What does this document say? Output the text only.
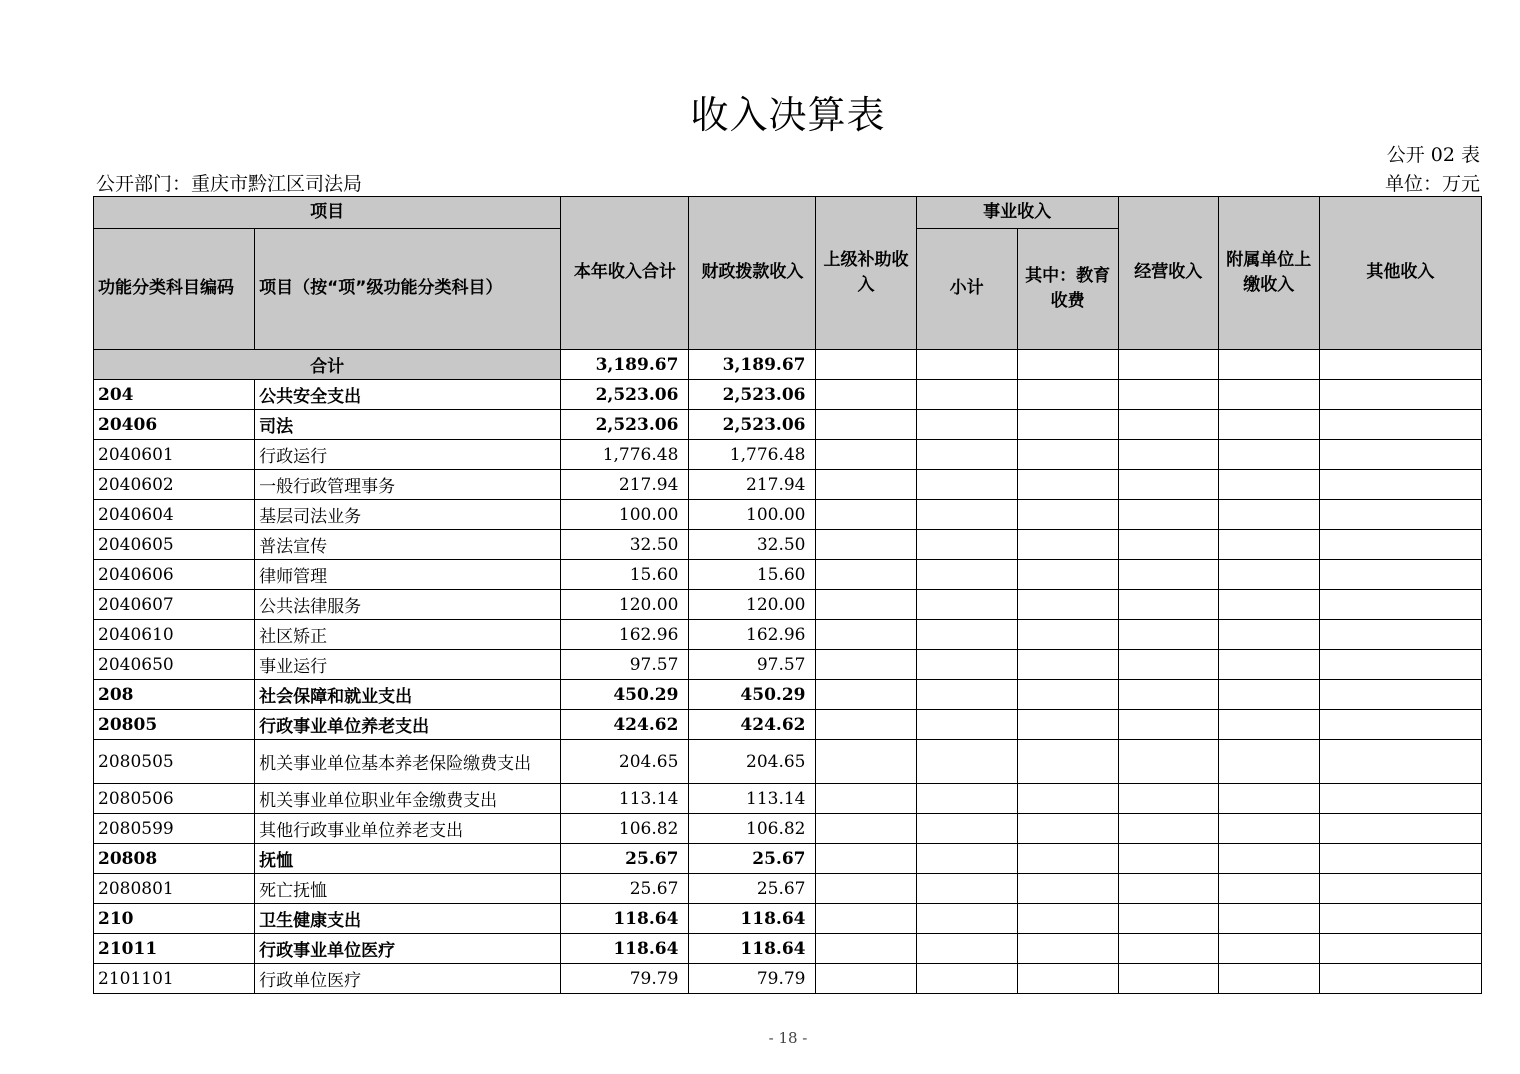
收入决算表
公开 02 表
公开部门：重庆市黔江区司法局	单位：万元
项目		本年收入合计	财政拨款收入	上级补助收入	事业收入		经营收入	附属单位上缴收入	其他收入
功能分类科目编码	项目（按“项”级功能分类科目）				小计	其中：教育收费			
合计		3,189.67	3,189.67						
204	公共安全支出	2,523.06	2,523.06						
20406	司法	2,523.06	2,523.06						
2040601	行政运行	1,776.48	1,776.48						
2040602	一般行政管理事务	217.94	217.94						
2040604	基层司法业务	100.00	100.00						
2040605	普法宣传	32.50	32.50						
2040606	律师管理	15.60	15.60						
2040607	公共法律服务	120.00	120.00						
2040610	社区矫正	162.96	162.96						
2040650	事业运行	97.57	97.57						
208	社会保障和就业支出	450.29	450.29						
20805	行政事业单位养老支出	424.62	424.62						
2080505	机关事业单位基本养老保险缴费支出	204.65	204.65						
2080506	机关事业单位职业年金缴费支出	113.14	113.14						
2080599	其他行政事业单位养老支出	106.82	106.82						
20808	抚恤	25.67	25.67						
2080801	死亡抚恤	25.67	25.67						
210	卫生健康支出	118.64	118.64						
21011	行政事业单位医疗	118.64	118.64						
2101101	行政单位医疗	79.79	79.79						
- 18 -
